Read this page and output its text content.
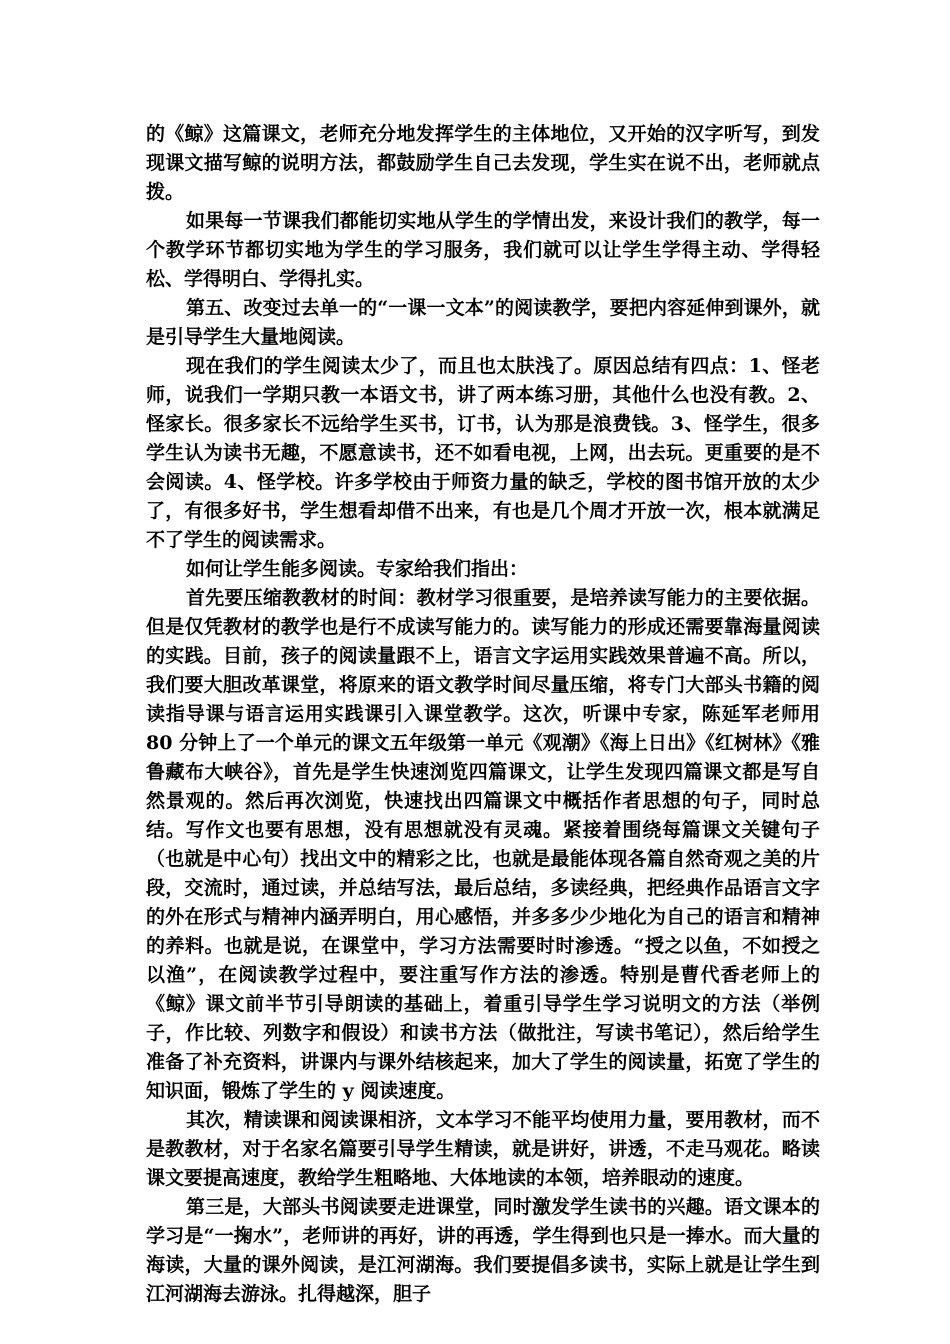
的《鲸》这篇课文，老师充分地发挥学生的主体地位，又开始的汉字听写，到发现课文描写鲸的说明方法，都鼓励学生自己去发现，学生实在说不出，老师就点拨。

如果每一节课我们都能切实地从学生的学情出发，来设计我们的教学，每一个教学环节都切实地为学生的学习服务，我们就可以让学生学得主动、学得轻松、学得明白、学得扎实。

第五、改变过去单一的“一课一文本”的阅读教学，要把内容延伸到课外，就是引导学生大量地阅读。

现在我们的学生阅读太少了，而且也太肤浅了。原因总结有四点：1、怪老师，说我们一学期只教一本语文书，讲了两本练习册，其他什么也没有教。2、怪家长。很多家长不远给学生买书，订书，认为那是浪费钱。3、怪学生，很多学生认为读书无趣，不愿意读书，还不如看电视，上网，出去玩。更重要的是不会阅读。4、怪学校。许多学校由于师资力量的缺乏，学校的图书馆开放的太少了，有很多好书，学生想看却借不出来，有也是几个周才开放一次，根本就满足不了学生的阅读需求。

如何让学生能多阅读。专家给我们指出：

首先要压缩教教材的时间：教材学习很重要，是培养读写能力的主要依据。但是仅凭教材的教学也是行不成读写能力的。读写能力的形成还需要靠海量阅读的实践。目前，孩子的阅读量跟不上，语言文字运用实践效果普遍不高。所以，我们要大胆改革课堂，将原来的语文教学时间尽量压缩，将专门大部头书籍的阅读指导课与语言运用实践课引入课堂教学。这次，听课中专家，陈延军老师用 80 分钟上了一个单元的课文五年级第一单元《观潮》《海上日出》《红树林》《雅鲁藏布大峡谷》，首先是学生快速浏览四篇课文，让学生发现四篇课文都是写自然景观的。然后再次浏览，快速找出四篇课文中概括作者思想的句子，同时总结。写作文也要有思想，没有思想就没有灵魂。紧接着围绕每篇课文关键句子（也就是中心句）找出文中的精彩之比，也就是最能体现各篇自然奇观之美的片段，交流时，通过读，并总结写法，最后总结，多读经典，把经典作品语言文字的外在形式与精神内涵弄明白，用心感悟，并多多少少地化为自己的语言和精神的养料。也就是说，在课堂中，学习方法需要时时渗透。“授之以鱼，不如授之以渔”，在阅读教学过程中，要注重写作方法的渗透。特别是曹代香老师上的《鲸》课文前半节引导朗读的基础上，着重引导学生学习说明文的方法（举例子，作比较、列数字和假设）和读书方法（做批注，写读书笔记），然后给学生准备了补充资料，讲课内与课外结核起来，加大了学生的阅读量，拓宽了学生的知识面，锻炼了学生的 y 阅读速度。

其次，精读课和阅读课相济，文本学习不能平均使用力量，要用教材，而不是教教材，对于名家名篇要引导学生精读，就是讲好，讲透，不走马观花。略读课文要提高速度，教给学生粗略地、大体地读的本领，培养眼动的速度。

第三是，大部头书阅读要走进课堂，同时激发学生读书的兴趣。语文课本的学习是“一掬水”，老师讲的再好，讲的再透，学生得到也只是一捧水。而大量的海读，大量的课外阅读，是江河湖海。我们要提倡多读书，实际上就是让学生到江河湖海去游泳。扎得越深，胆子
